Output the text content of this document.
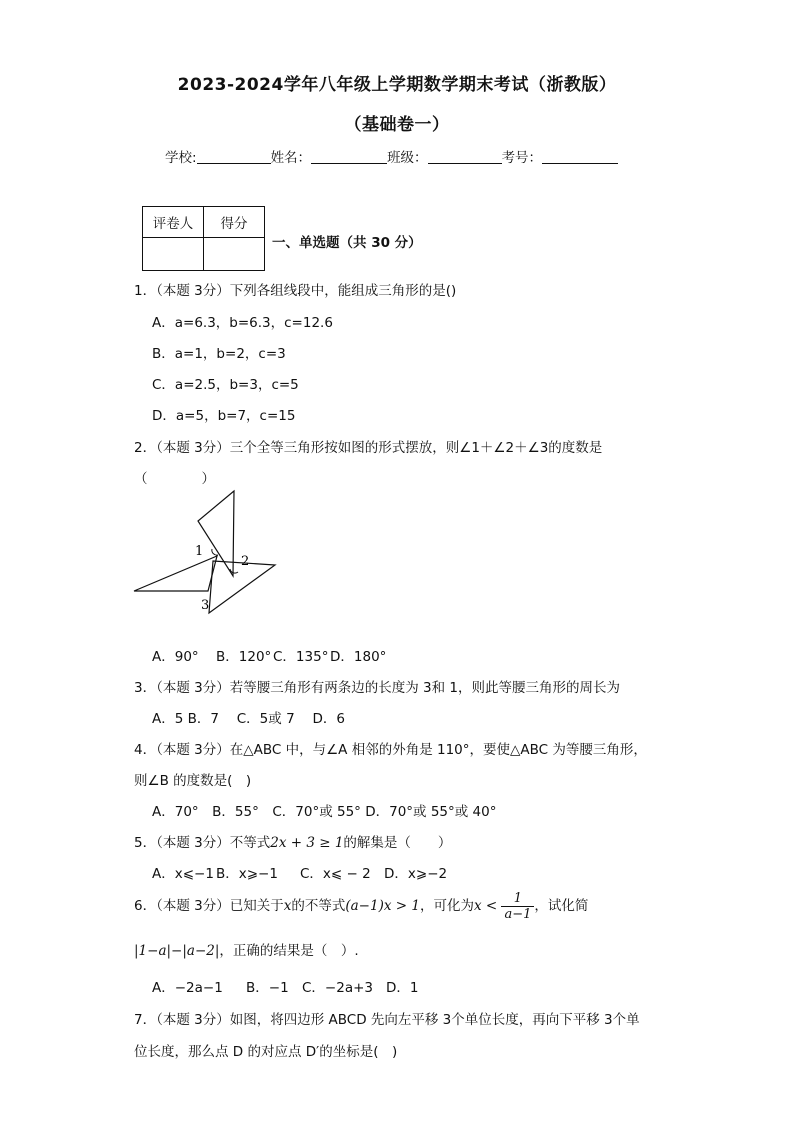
2023-2024学年八年级上学期数学期末考试（浙教版）
（基础卷一）
学校:	姓名：	班级：	考号：
评卷人	得分

一、单选题（共 30 分）
1．（本题 3分）下列各组线段中，能组成三角形的是()
A．a=6.3，b=6.3，c=12.6
B．a=1，b=2，c=3
C．a=2.5，b=3，c=5
D．a=5，b=7，c=15
2．（本题 3分）三个全等三角形按如图的形式摆放，则∠1＋∠2＋∠3的度数是
（　　　　）
1
2
3
A．90° B．120° C．135° D．180°
3．（本题 3分）若等腰三角形有两条边的长度为 3和 1，则此等腰三角形的周长为
A．5 B．7　 C．5或 7　 D．6
4．（本题 3分）在△ABC 中，与∠A 相邻的外角是 110°，要使△ABC 为等腰三角形，
则∠B 的度数是(　)
A．70°　B．55°　C．70°或 55° D．70°或 55°或 40°
5．（本题 3分）不等式2x + 3 ≥ 1的解集是（　　）
A．x⩽−1 B．x⩾−1 C．x⩽ − 2 D．x⩾−2
6．（本题 3分）已知关于x的不等式(a−1)x > 1，可化为$x < \frac{1}{a-1}$ ，试化简
|1−a|−|a−2|，正确的结果是（　）.
A．−2a−1 B．−1 C．−2a+3 D．1
7．（本题 3分）如图，将四边形 ABCD 先向左平移 3个单位长度，再向下平移 3个单
位长度，那么点 D 的对应点 D′的坐标是(　)
